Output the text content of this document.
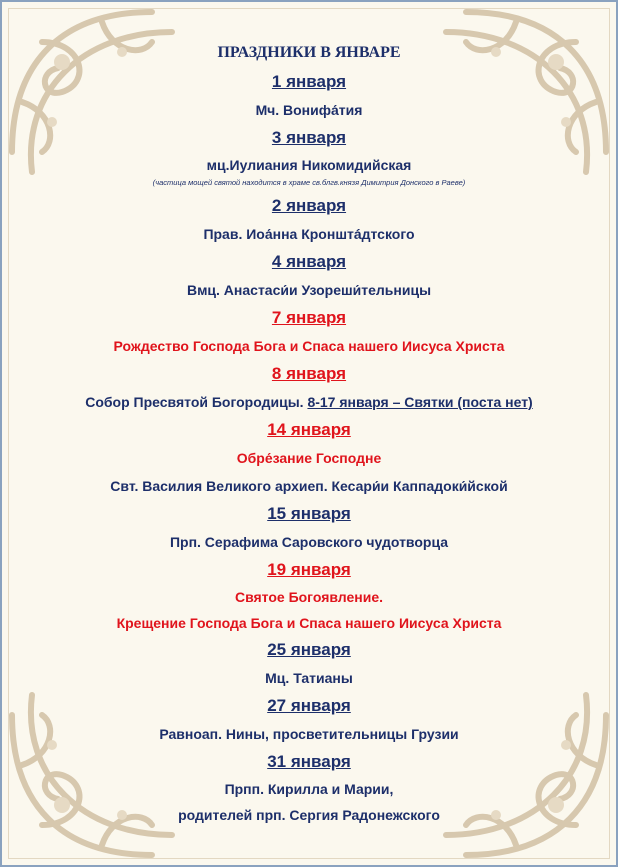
ПРАЗДНИКИ В ЯНВАРЕ
1 января
Мч. Вонифа́тия
3 января
мц.Иулиания Никомидийская
(частица мощей святой находится в храме св.блгв.князя Димитрия Донского в Раеве)
2 января
Прав. Иоа́нна Кронштáдтского
4 января
Вмц. Анастаси́и Узореши́тельницы
7 января
Рождество Господа Бога и Спаса нашего Иисуса Христа
8 января
Собор Пресвятой Богородицы. 8-17 января – Святки (поста нет)
14 января
Обре́зание Господне
Свт. Василия Великого архиеп. Кесари́и Каппадоки́йской
15 января
Прп. Серафима Саровского чудотворца
19 января
Святое Богоявление.
Крещение Господа Бога и Спаса нашего Иисуса Христа
25 января
Мц. Татианы
27 января
Равноап. Нины, просветительницы Грузии
31 января
Прпп. Кирилла и Марии,
родителей прп. Сергия Радонежского
